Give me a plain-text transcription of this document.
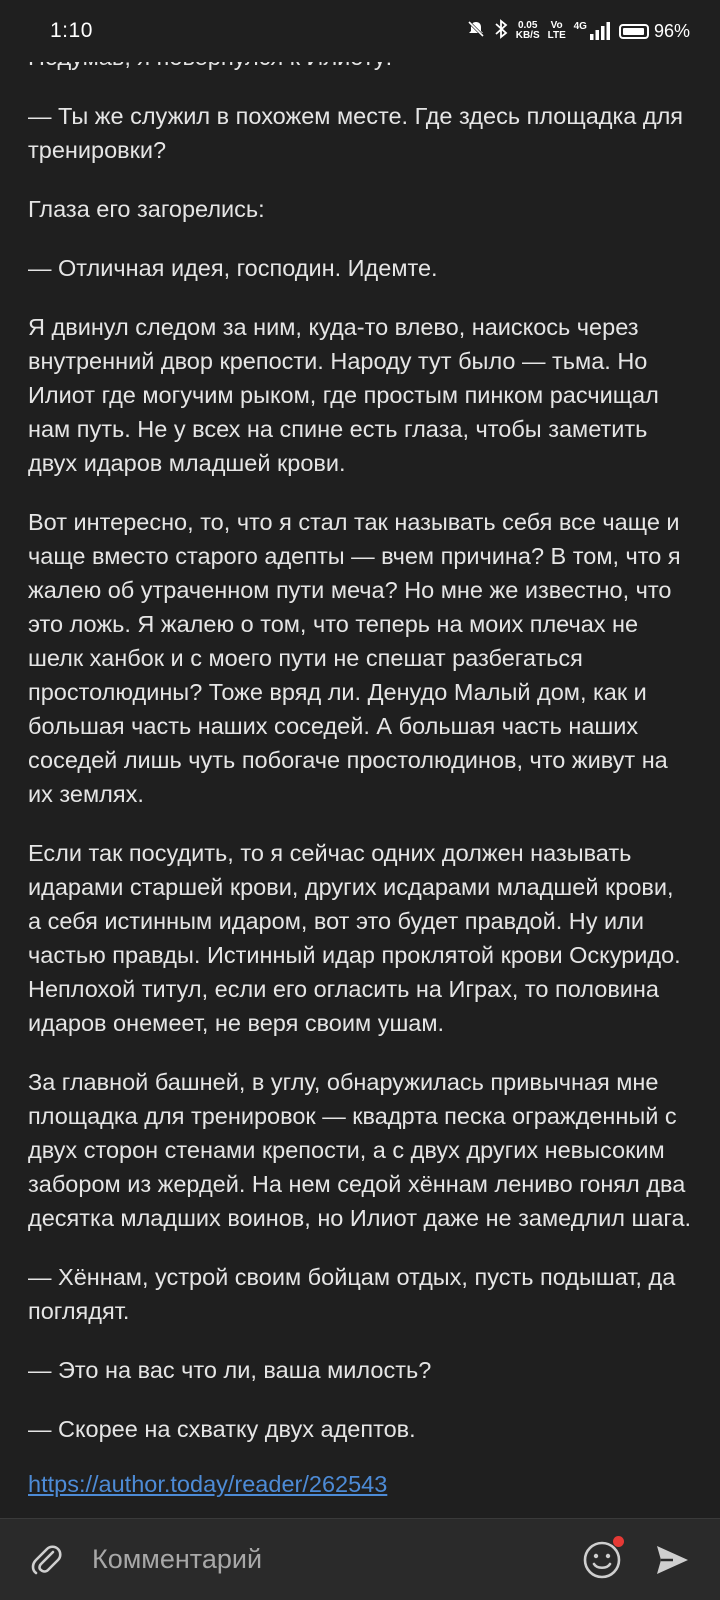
1:10	0.05
KB/S
Vo LTE
4G	96%

— Ты же служил в похожем месте. Где здесь площадка для тренировки?

Глаза его загорелись:

— Отличная идея, господин. Идемте.

Я двинул следом за ним, куда-то влево, наискось через внутренний двор крепости. Народу тут было — тьма. Но Илиот где могучим рыком, где простым пинком расчищал нам путь. Не у всех на спине есть глаза, чтобы заметить двух идаров младшей крови.

Вот интересно, то, что я стал так называть себя все чаще и чаще вместо старого адепты — вчем причина? В том, что я жалею об утраченном пути меча? Но мне же известно, что это ложь. Я жалею о том, что теперь на моих плечах не шелк ханбок и с моего пути не спешат разбегаться простолюдины? Тоже вряд ли. Денудо Малый дом, как и большая часть наших соседей. А большая часть наших соседей лишь чуть побогаче простолюдинов, что живут на их землях.

Если так посудить, то я сейчас одних должен называть идарами старшей крови, других исдарами младшей крови, а себя истинным идаром, вот это будет правдой. Ну или частью правды. Истинный идар проклятой крови Оскуридо. Неплохой титул, если его огласить на Играх, то половина идаров онемеет, не веря своим ушам.

За главной башней, в углу, обнаружилась привычная мне площадка для тренировок — квадрта песка огражденный с двух сторон стенами крепости, а с двух других невысоким забором из жердей. На нем седой хённам лениво гонял два десятка младших воинов, но Илиот даже не замедлил шага.

— Хённам, устрой своим бойцам отдых, пусть подышат, да поглядят.

— Это на вас что ли, ваша милость?

— Скорее на схватку двух адептов.

https://author.today/reader/262543
Комментарий
